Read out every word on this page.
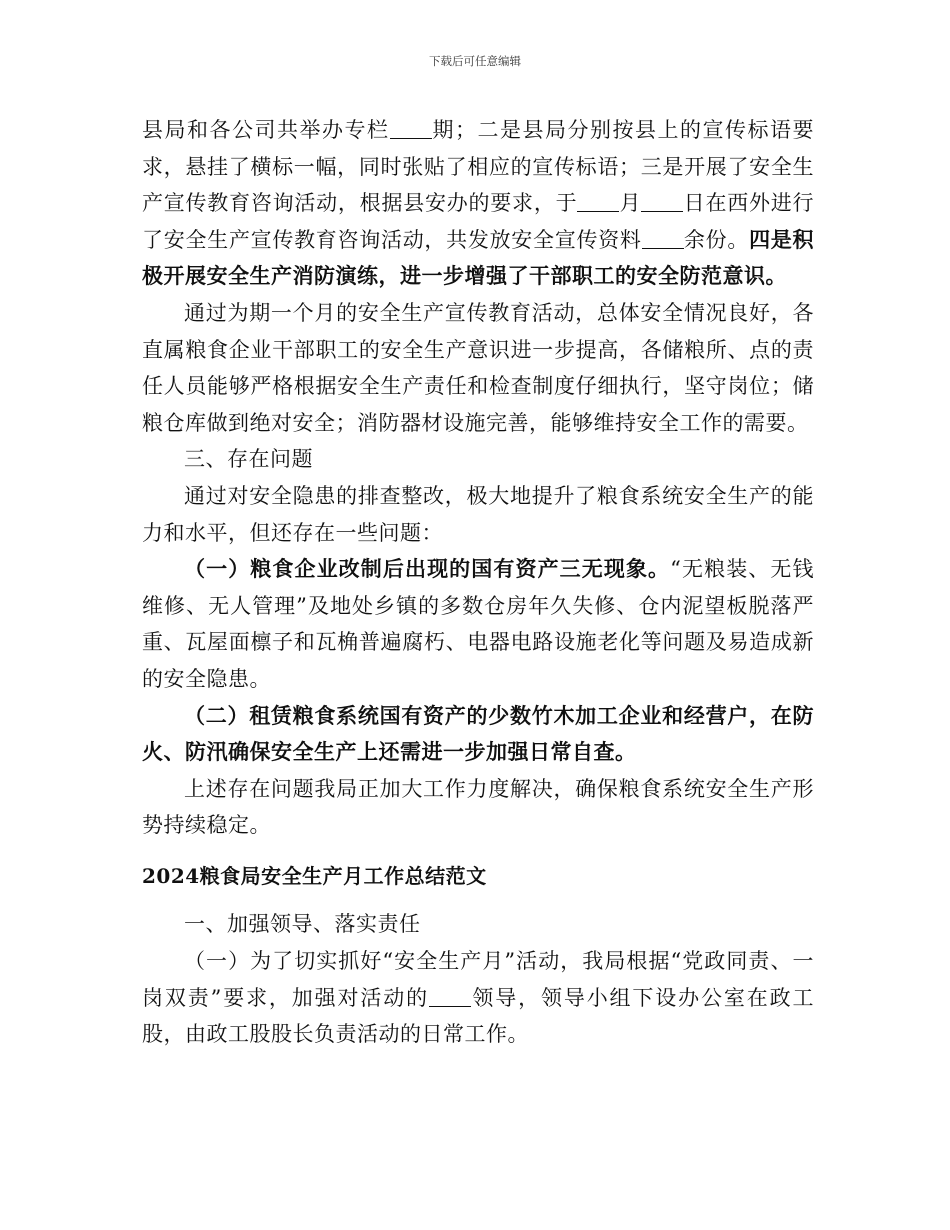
下载后可任意编辑

县局和各公司共举办专栏 期；二是县局分别按县上的宣传标语要求，悬挂了横标一幅，同时张贴了相应的宣传标语；三是开展了安全生产宣传教育咨询活动，根据县安办的要求，于 月 日在西外进行了安全生产宣传教育咨询活动，共发放安全宣传资料 余份。四是积极开展安全生产消防演练，进一步增强了干部职工的安全防范意识。

通过为期一个月的安全生产宣传教育活动，总体安全情况良好，各直属粮食企业干部职工的安全生产意识进一步提高，各储粮所、点的责任人员能够严格根据安全生产责任和检查制度仔细执行，坚守岗位；储粮仓库做到绝对安全；消防器材设施完善，能够维持安全工作的需要。

三、存在问题

通过对安全隐患的排查整改，极大地提升了粮食系统安全生产的能力和水平，但还存在一些问题：

（一）粮食企业改制后出现的国有资产三无现象。“无粮装、无钱维修、无人管理”及地处乡镇的多数仓房年久失修、仓内泥望板脱落严重、瓦屋面檩子和瓦桷普遍腐朽、电器电路设施老化等问题及易造成新的安全隐患。

（二）租赁粮食系统国有资产的少数竹木加工企业和经营户，在防火、防汛确保安全生产上还需进一步加强日常自查。

上述存在问题我局正加大工作力度解决，确保粮食系统安全生产形势持续稳定。

2024粮食局安全生产月工作总结范文

一、加强领导、落实责任

（一）为了切实抓好“安全生产月”活动，我局根据“党政同责、一岗双责”要求，加强对活动的 领导，领导小组下设办公室在政工股，由政工股股长负责活动的日常工作。
